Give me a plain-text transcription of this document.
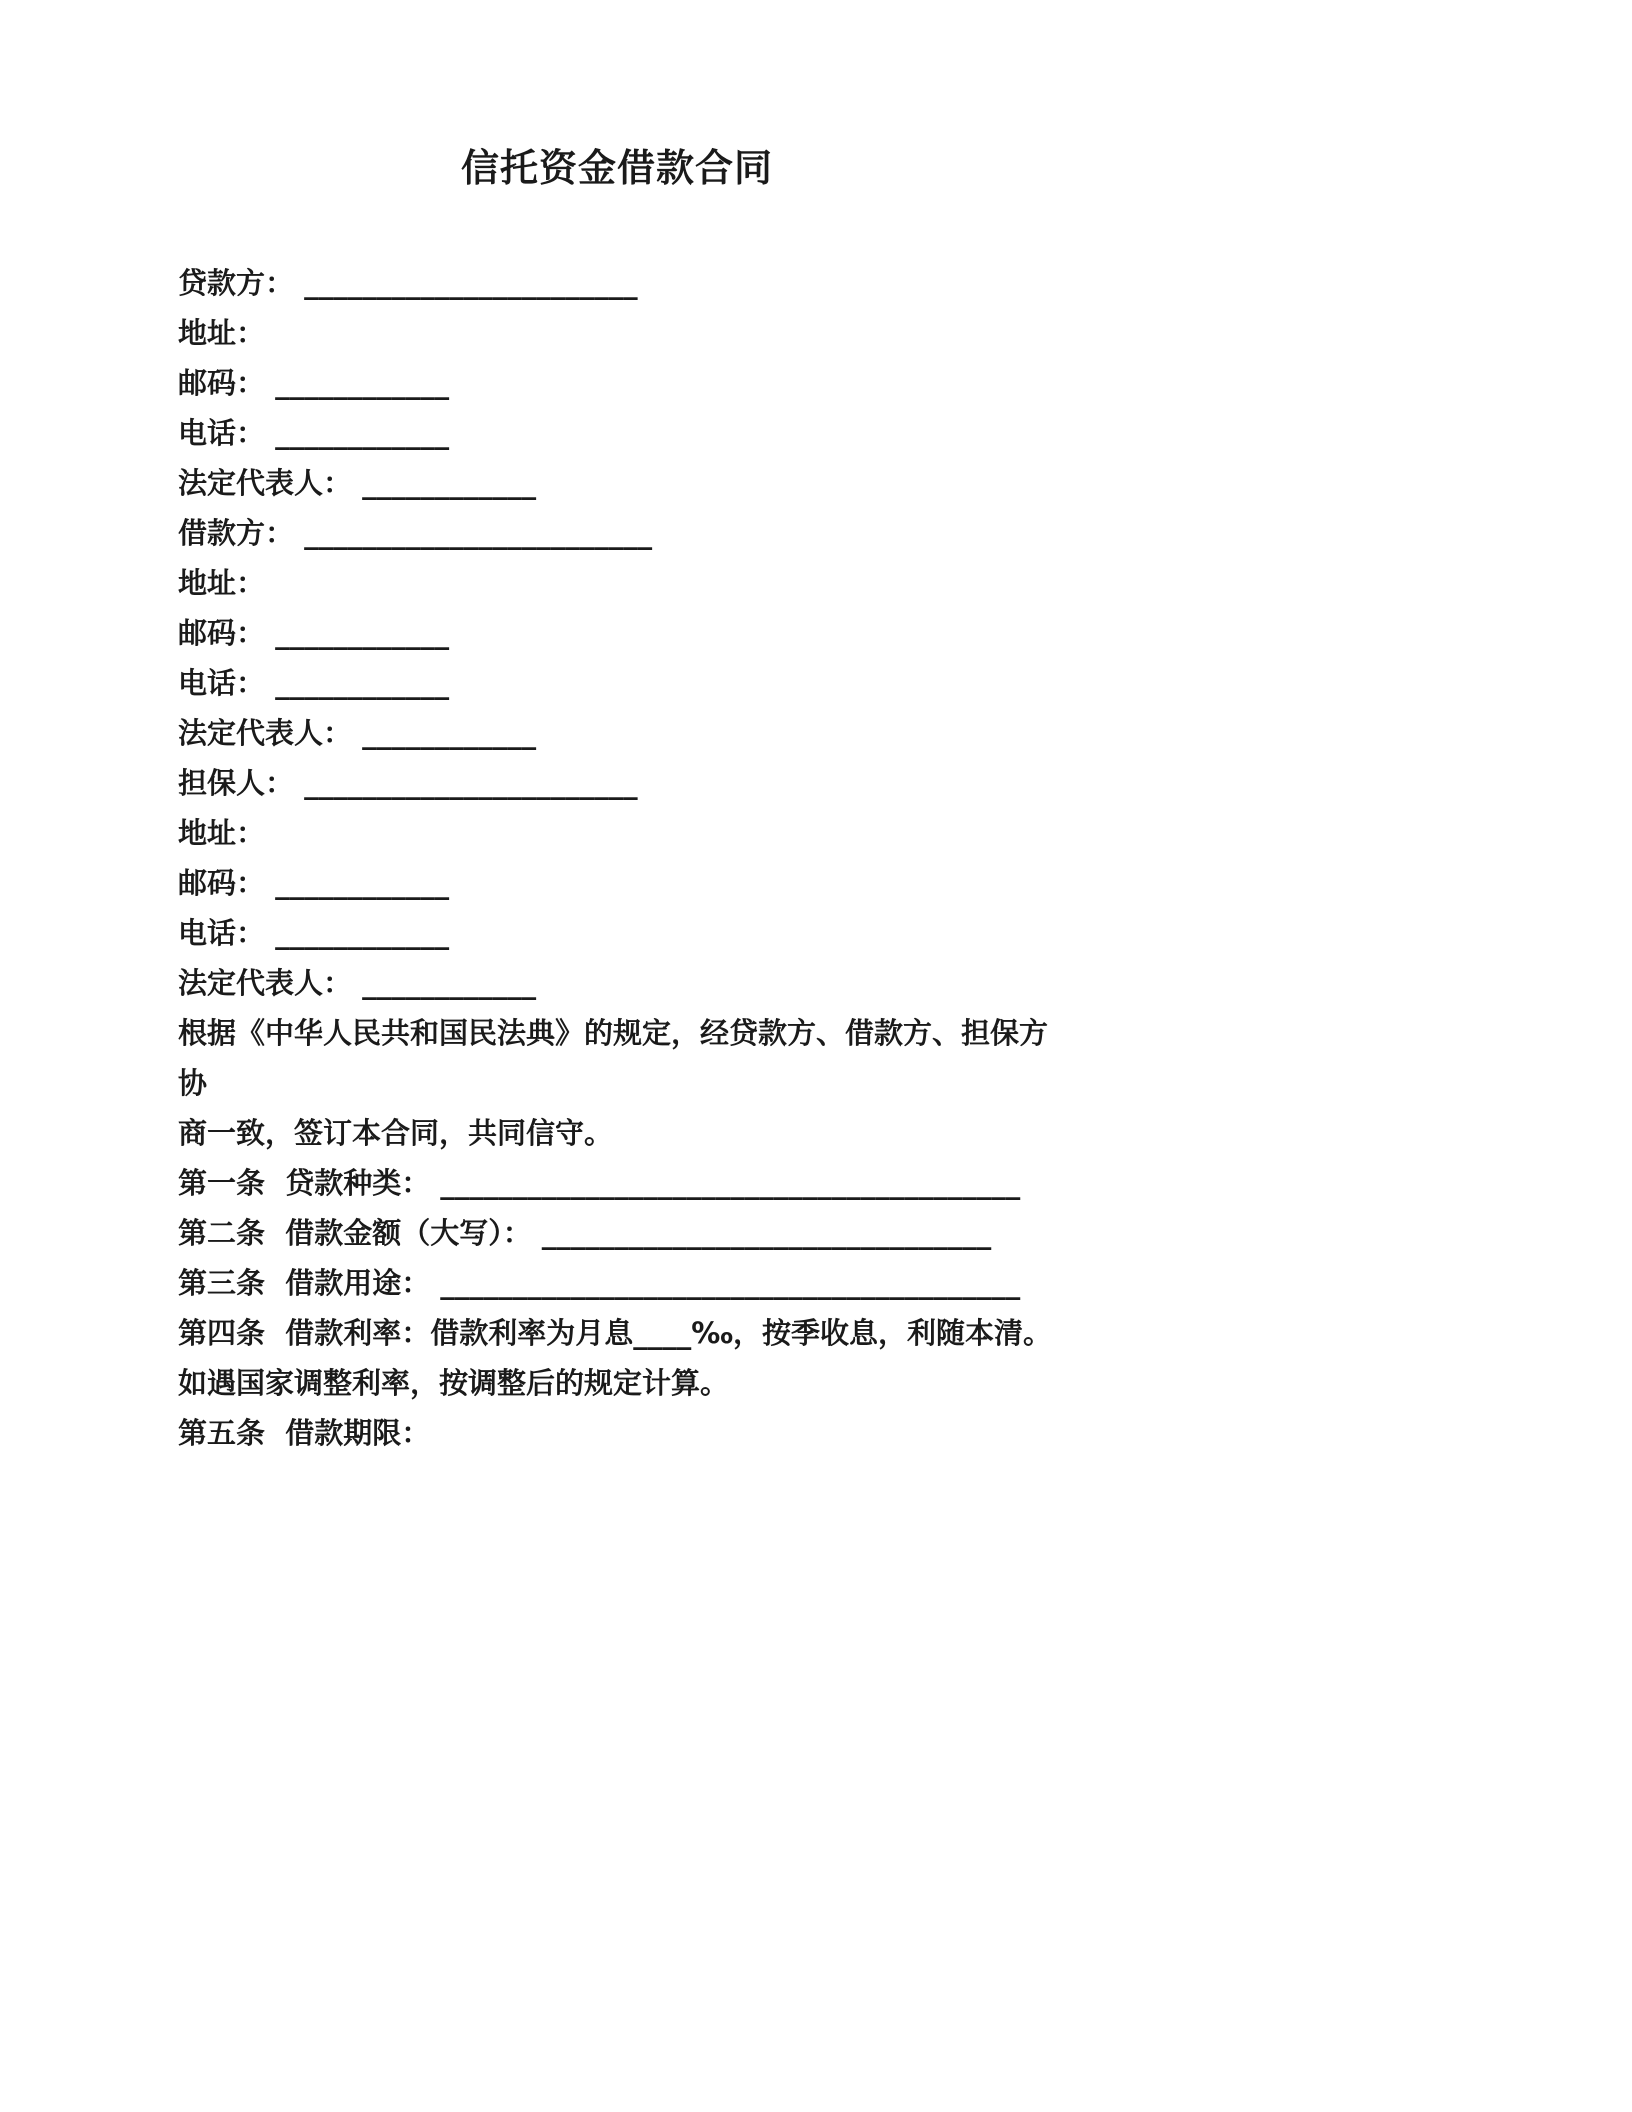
信托资金借款合同
贷款方： _______________________
地址：
邮码： ____________
电话： ____________
法定代表人： ____________
借款方： ________________________
地址：
邮码： ____________
电话： ____________
法定代表人： ____________
担保人： _______________________
地址：
邮码： ____________
电话： ____________
法定代表人： ____________
根据《中华人民共和国民法典》的规定，经贷款方、借款方、担保方协
商一致，签订本合同，共同信守。
第一条  贷款种类： ________________________________________
第二条  借款金额（大写）： _______________________________
第三条  借款用途： ________________________________________
第四条  借款利率：借款利率为月息____‰，按季收息，利随本清。
如遇国家调整利率，按调整后的规定计算。
第五条  借款期限：
